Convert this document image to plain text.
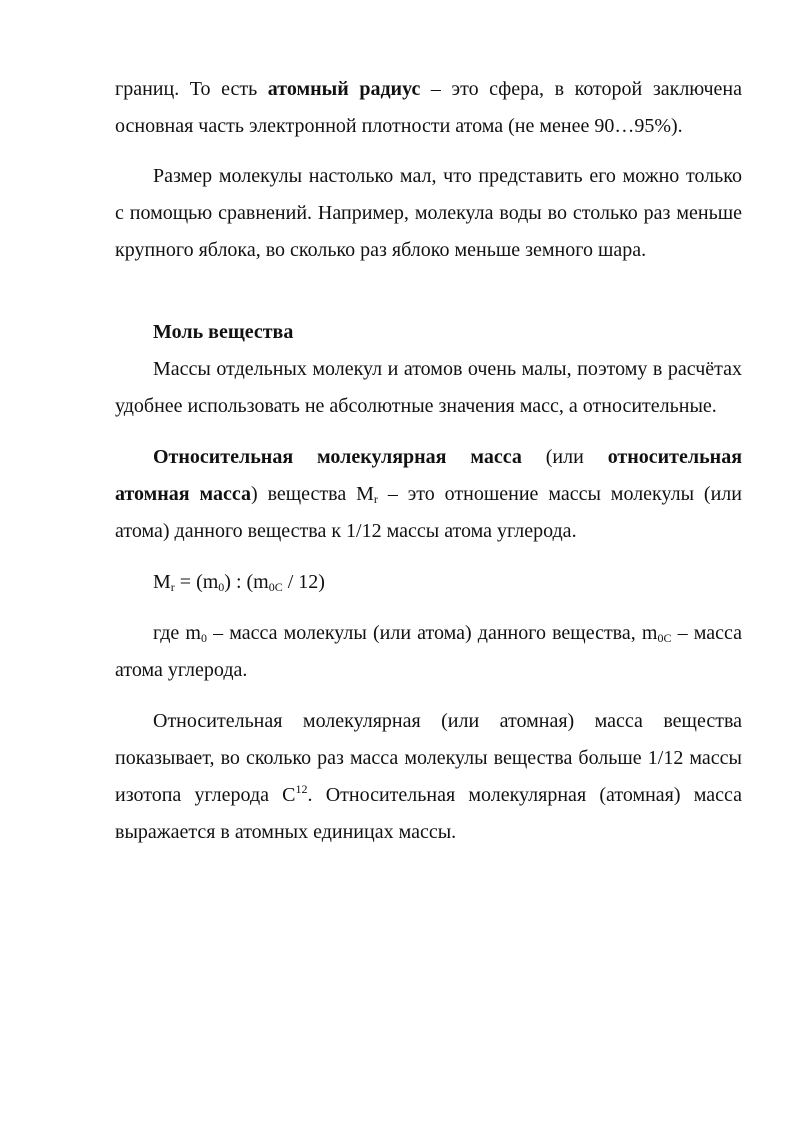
границ. То есть атомный радиус – это сфера, в которой заключена основная часть электронной плотности атома (не менее 90…95%).

Размер молекулы настолько мал, что представить его можно только с помощью сравнений. Например, молекула воды во столько раз меньше крупного яблока, во сколько раз яблоко меньше земного шара.

Моль вещества

Массы отдельных молекул и атомов очень малы, поэтому в расчётах удобнее использовать не абсолютные значения масс, а относительные.

Относительная молекулярная масса (или относительная атомная масса) вещества $M_r$ – это отношение массы молекулы (или атома) данного вещества к 1/12 массы атома углерода.

$M_r = (m_0)$ : $(m_{0C} / 12)$

где $m_0$ – масса молекулы (или атома) данного вещества, $m_{0C}$ – масса атома углерода.

Относительная молекулярная (или атомная) масса вещества показывает, во сколько раз масса молекулы вещества больше 1/12 массы изотопа углерода $C^{12}$. Относительная молекулярная (атомная) масса выражается в атомных единицах массы.
